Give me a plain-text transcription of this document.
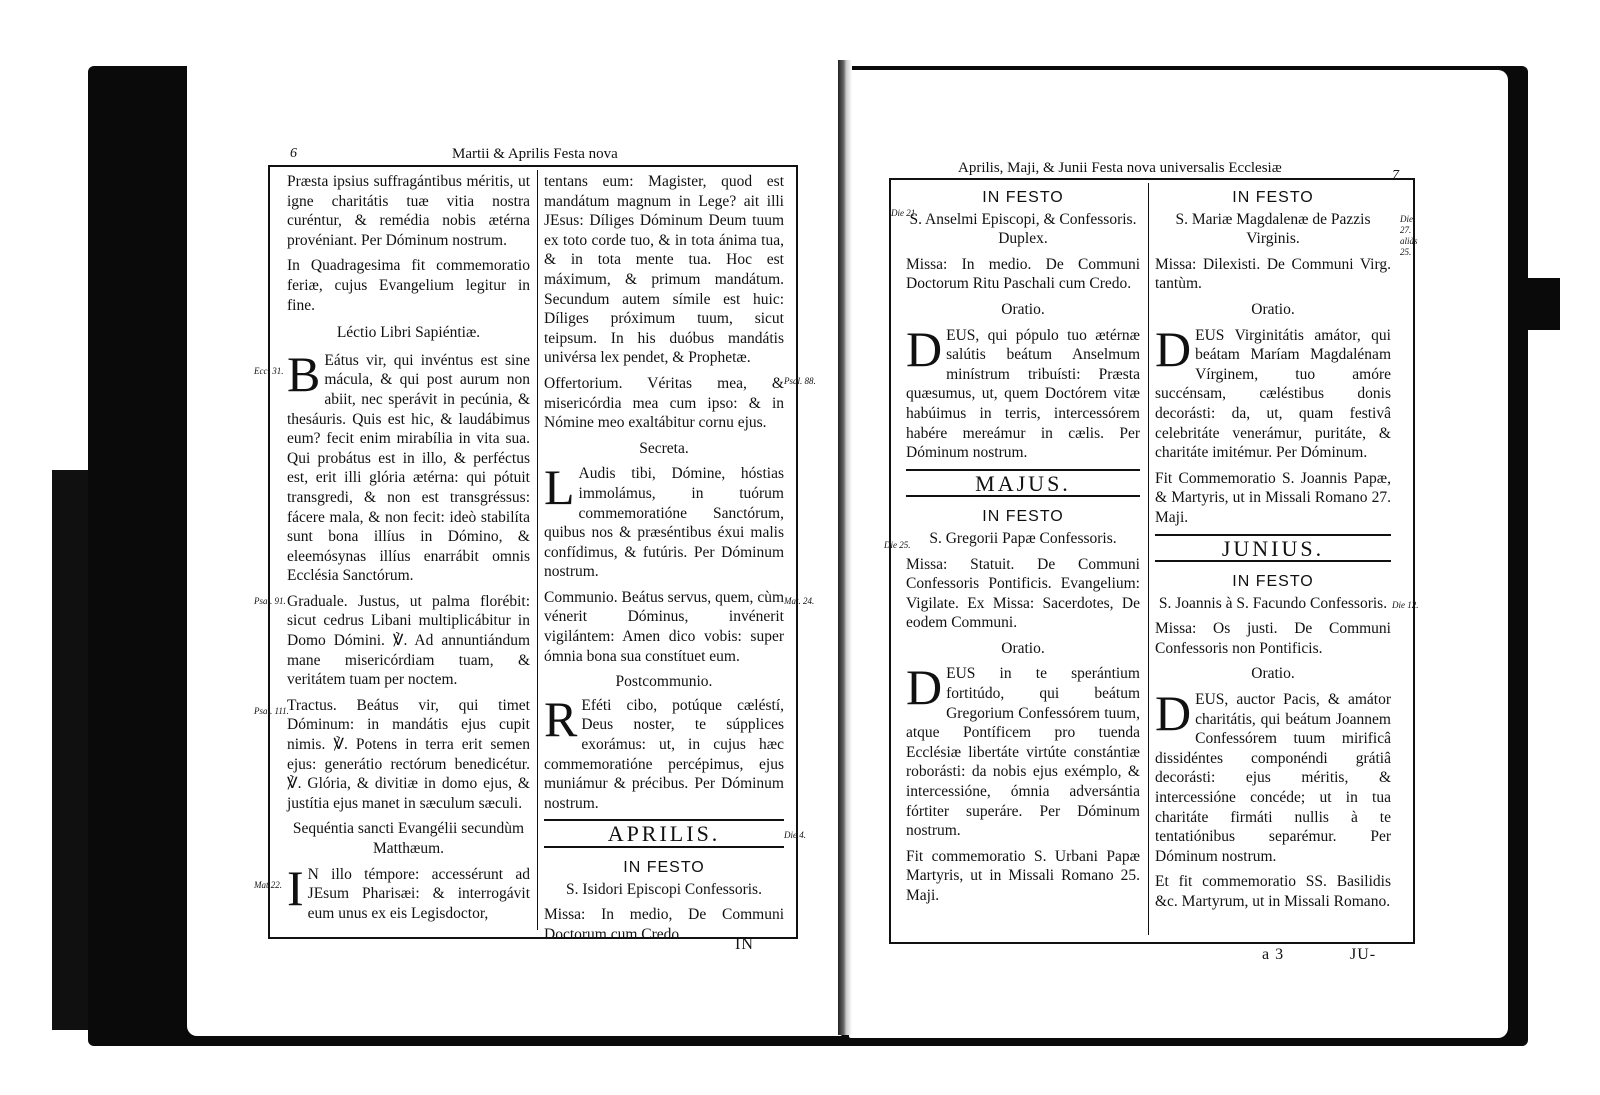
6	Martii & Aprilis Festa nova

Præsta ipsius suffragántibus méritis, ut igne charitátis tuæ vitia nostra curéntur, & remédia nobis ætérna provéniant. Per Dóminum nostrum.

In Quadragesima fit commemoratio feriæ, cujus Evangelium legitur in fine.

Léctio Libri Sapiéntiæ.

B Eátus vir, qui invéntus est sine mácula, & qui post aurum non abiit, nec sperávit in pecúnia, & thesáuris. Quis est hic, & laudábimus eum? fecit enim mirabília in vita sua. Qui probátus est in illo, & perféctus est, erit illi glória ætérna: qui pótuit transgredi, & non est transgréssus: fácere mala, & non fecit: ideò stabilíta sunt bona illíus in Dómino, & eleemósynas illíus enarrábit omnis Ecclésia Sanctórum.

Graduale. Justus, ut palma florébit: sicut cedrus Libani multiplicábitur in Domo Dómini. ℣. Ad annuntiándum mane misericórdiam tuam, & veritátem tuam per noctem.

Tractus. Beátus vir, qui timet Dóminum: in mandátis ejus cupit nimis. ℣. Potens in terra erit semen ejus: generátio rectórum benedicétur. ℣. Glória, & divitiæ in domo ejus, & justítia ejus manet in sæculum sæculi.

Sequéntia sancti Evangélii secundùm Matthæum.

I N illo témpore: accessérunt ad JEsum Pharisæi: & interrogávit eum unus ex eis Legisdoctor,

tentans eum: Magister, quod est mandátum magnum in Lege? ait illi JEsus: Díliges Dóminum Deum tuum ex toto corde tuo, & in tota ánima tua, & in tota mente tua. Hoc est máximum, & primum mandátum. Secundum autem símile est huic: Díliges próximum tuum, sicut teipsum. In his duóbus mandátis univérsa lex pendet, & Prophetæ.

Offertorium. Véritas mea, & misericórdia mea cum ipso: & in Nómine meo exaltábitur cornu ejus.

Secreta.

L Audis tibi, Dómine, hóstias immolámus, in tuórum commemoratióne Sanctórum, quibus nos & præséntibus éxui malis confídimus, & futúris. Per Dóminum nostrum.

Communio. Beátus servus, quem, cùm vénerit Dóminus, invénerit vigilántem: Amen dico vobis: super ómnia bona sua constítuet eum.

Postcommunio.

R Eféti cibo, potúque cæléstí, Deus noster, te súpplices exorámus: ut, in cujus hæc commemoratióne percépimus, ejus muniámur & précibus. Per Dóminum nostrum.

APRILIS.
IN FESTO

S. Isidori Episcopi Confessoris.

Missa: In medio, De Communi Doctorum cum Credo.

Eccl 31.
Psal. 91.
Psal. 111.
Mat 22.
Psal. 88.
Mat. 24.
Die 4.
IN
Aprilis, Maji, & Junii Festa nova universalis Ecclesiæ	7
IN FESTO

S. Anselmi Episcopi, & Confessoris. Duplex.

Missa: In medio. De Communi Doctorum Ritu Paschali cum Credo.

Oratio.

DEUS, qui pópulo tuo ætérnæ salútis beátum Anselmum minístrum tribuísti: Præsta quæsumus, ut, quem Doctórem vitæ habúimus in terris, intercessórem habére mereámur in cælis. Per Dóminum nostrum.

MAJUS.
IN FESTO

S. Gregorii Papæ Confessoris.

Missa: Statuit. De Communi Confessoris Pontificis. Evangelium: Vigilate. Ex Missa: Sacerdotes, De eodem Communi.

Oratio.

DEUS in te sperántium fortitúdo, qui beátum Gregorium Confessórem tuum, atque Pontíficem pro tuenda Ecclésiæ libertáte virtúte constántiæ roborásti: da nobis ejus exémplo, & intercessióne, ómnia adversántia fórtiter superáre. Per Dóminum nostrum.

Fit commemoratio S. Urbani Papæ Martyris, ut in Missali Romano 25. Maji.

IN FESTO

S. Mariæ Magdalenæ de Pazzis Virginis.

Missa: Dilexisti. De Communi Virg. tantùm.

Oratio.

DEUS Virginitátis amátor, qui beátam Maríam Magdalénam Vírginem, tuo amóre succénsam, cæléstibus donis decorásti: da, ut, quam festivâ celebritáte venerámur, puritáte, & charitáte imitémur. Per Dóminum.

Fit Commemoratio S. Joannis Papæ, & Martyris, ut in Missali Romano 27. Maji.

JUNIUS.
IN FESTO

S. Joannis à S. Facundo Confessoris.

Missa: Os justi. De Communi Confessoris non Pontificis.

Oratio.

DEUS, auctor Pacis, & amátor charitátis, qui beátum Joannem Confessórem tuum mirificâ dissidéntes componéndi grátiâ decorásti: ejus méritis, & intercessióne concéde; ut in tua charitáte firmáti nullis à te tentatiónibus separémur. Per Dóminum nostrum.

Et fit commemoratio SS. Basilidis &c. Martyrum, ut in Missali Romano.

Die 21.
Die 25.
Die 27. aliàs 25.
Die 12.
a 3	JU-
